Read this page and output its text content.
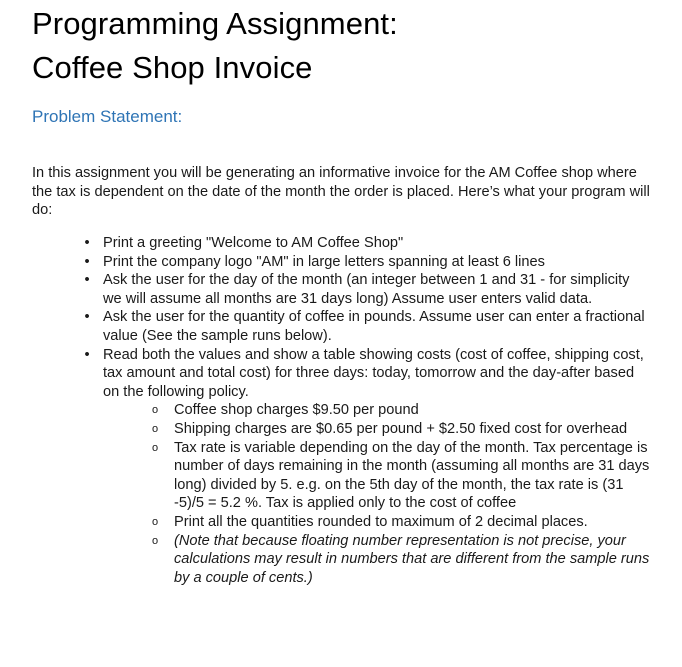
Programming Assignment:
Coffee Shop Invoice
Problem Statement:

In this assignment you will be generating an informative invoice for the AM Coffee shop where the tax is dependent on the date of the month the order is placed. Here’s what your program will do:

• Print a greeting "Welcome to AM Coffee Shop"
• Print the company logo "AM" in large letters spanning at least 6 lines
• Ask the user for the day of the month (an integer between 1 and 31 - for simplicity we will assume all months are 31 days long) Assume user enters valid data.
• Ask the user for the quantity of coffee in pounds. Assume user can enter a fractional value (See the sample runs below).
• Read both the values and show a table showing costs (cost of coffee, shipping cost, tax amount and total cost) for three days: today, tomorrow and the day-after based on the following policy.
o Coffee shop charges $9.50 per pound
o Shipping charges are $0.65 per pound + $2.50 fixed cost for overhead
o Tax rate is variable depending on the day of the month. Tax percentage is number of days remaining in the month (assuming all months are 31 days long) divided by 5. e.g. on the 5th day of the month, the tax rate is (31 -5)/5 = 5.2 %. Tax is applied only to the cost of coffee
o Print all the quantities rounded to maximum of 2 decimal places.
o (Note that because floating number representation is not precise, your calculations may result in numbers that are different from the sample runs by a couple of cents.)
